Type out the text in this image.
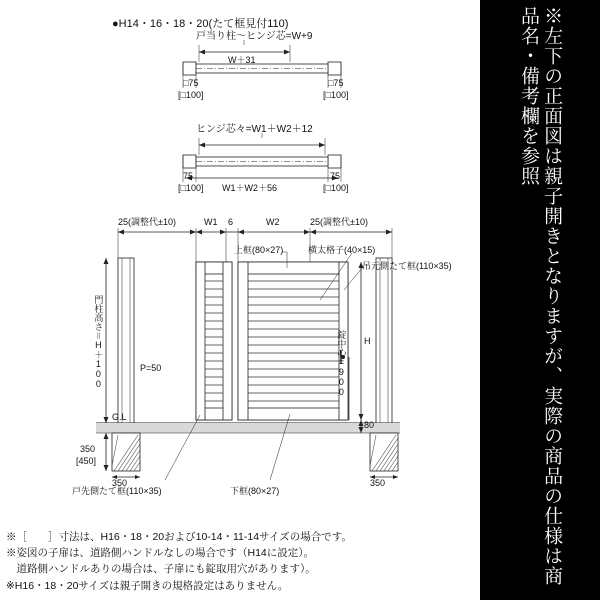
●H14・16・18・20(たて框見付110)
戸当り柱～ヒンジ芯=W+9
W＋31
□75
[□100]
□75
[□100]
ヒンジ芯々=W1＋W2＋12
75
[□100]
75
[□100]
W1＋W2＋56
25(調整代±10)	W1 6	W2	25(調整代±10)
上框(80×27)	横太格子(40×15)
吊元側たて框(110×35)
戸先側たて框(110×35)	下框(80×27)
門柱高さ＝H＋100	P=50	錠中心=900 H
80
G.L
350
[450]
350	350
※［　　］寸法は、H16・18・20および10-14・11-14サイズの場合です。
※姿図の子扉は、道路側ハンドルなしの場合です（H14に設定）。
　道路側ハンドルありの場合は、子扉にも錠取用穴があります）。
※H16・18・20サイズは親子開きの規格設定はありません。	※左下の正面図は親子開きとなりますが、実際の商品の仕様は商品名・備考欄を参照
